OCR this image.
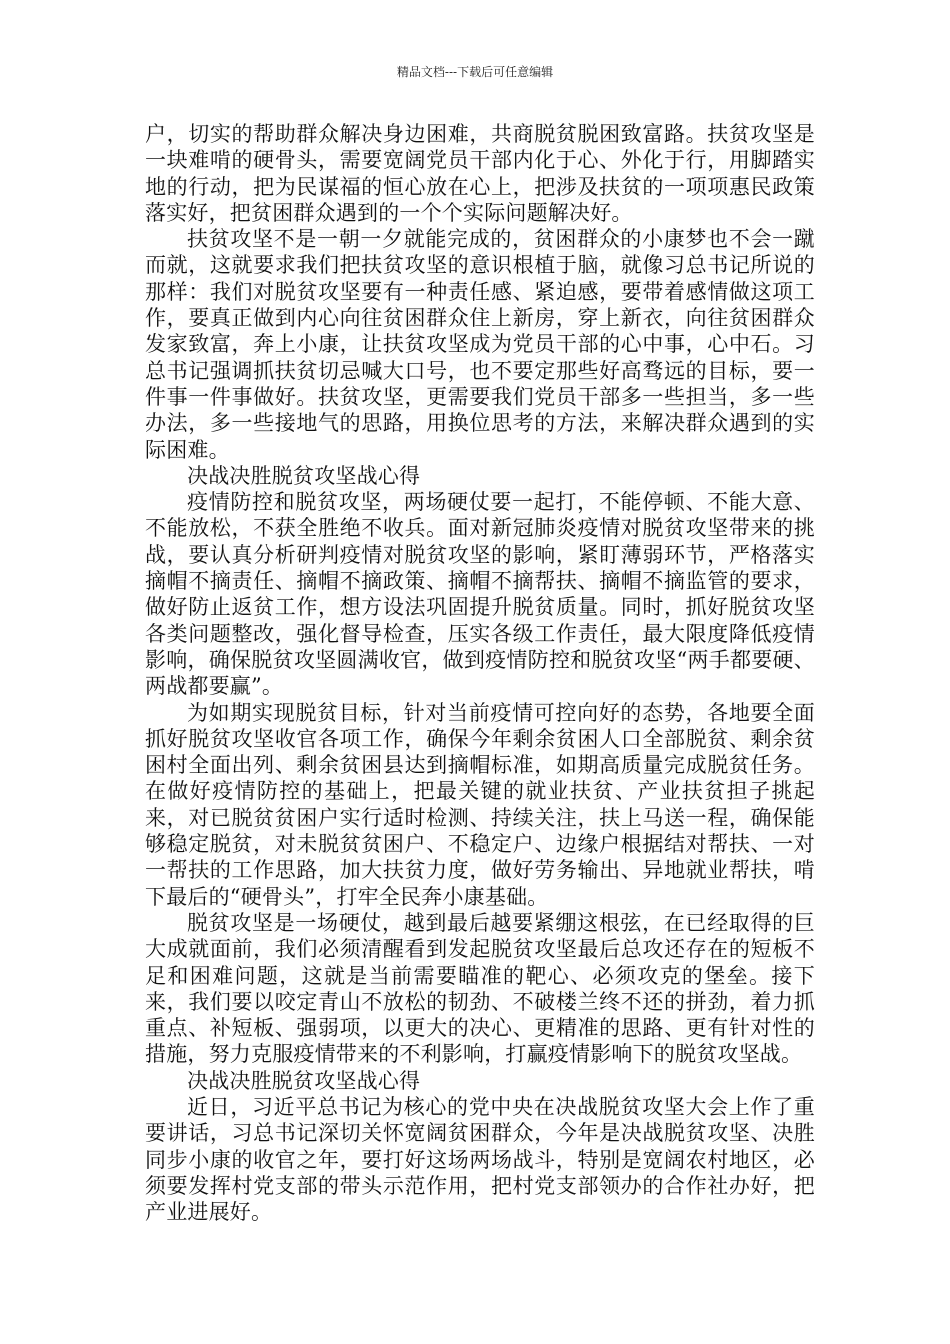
精品文档---下载后可任意编辑

户，切实的帮助群众解决身边困难，共商脱贫脱困致富路。扶贫攻坚是一块难啃的硬骨头，需要宽阔党员干部内化于心、外化于行，用脚踏实地的行动，把为民谋福的恒心放在心上，把涉及扶贫的一项项惠民政策落实好，把贫困群众遇到的一个个实际问题解决好。

扶贫攻坚不是一朝一夕就能完成的，贫困群众的小康梦也不会一蹴而就，这就要求我们把扶贫攻坚的意识根植于脑，就像习总书记所说的那样：我们对脱贫攻坚要有一种责任感、紧迫感，要带着感情做这项工作，要真正做到内心向往贫困群众住上新房，穿上新衣，向往贫困群众发家致富，奔上小康，让扶贫攻坚成为党员干部的心中事，心中石。习总书记强调抓扶贫切忌喊大口号，也不要定那些好高骛远的目标，要一件事一件事做好。扶贫攻坚，更需要我们党员干部多一些担当，多一些办法，多一些接地气的思路，用换位思考的方法，来解决群众遇到的实际困难。

决战决胜脱贫攻坚战心得

疫情防控和脱贫攻坚，两场硬仗要一起打，不能停顿、不能大意、不能放松，不获全胜绝不收兵。面对新冠肺炎疫情对脱贫攻坚带来的挑战，要认真分析研判疫情对脱贫攻坚的影响，紧盯薄弱环节，严格落实摘帽不摘责任、摘帽不摘政策、摘帽不摘帮扶、摘帽不摘监管的要求，做好防止返贫工作，想方设法巩固提升脱贫质量。同时，抓好脱贫攻坚各类问题整改，强化督导检查，压实各级工作责任，最大限度降低疫情影响，确保脱贫攻坚圆满收官，做到疫情防控和脱贫攻坚“两手都要硬、两战都要赢”。

为如期实现脱贫目标，针对当前疫情可控向好的态势，各地要全面抓好脱贫攻坚收官各项工作，确保今年剩余贫困人口全部脱贫、剩余贫困村全面出列、剩余贫困县达到摘帽标准，如期高质量完成脱贫任务。在做好疫情防控的基础上，把最关键的就业扶贫、产业扶贫担子挑起来，对已脱贫贫困户实行适时检测、持续关注，扶上马送一程，确保能够稳定脱贫，对未脱贫贫困户、不稳定户、边缘户根据结对帮扶、一对一帮扶的工作思路，加大扶贫力度，做好劳务输出、异地就业帮扶，啃下最后的“硬骨头”，打牢全民奔小康基础。

脱贫攻坚是一场硬仗，越到最后越要紧绷这根弦，在已经取得的巨大成就面前，我们必须清醒看到发起脱贫攻坚最后总攻还存在的短板不足和困难问题，这就是当前需要瞄准的靶心、必须攻克的堡垒。接下来，我们要以咬定青山不放松的韧劲、不破楼兰终不还的拼劲，着力抓重点、补短板、强弱项，以更大的决心、更精准的思路、更有针对性的措施，努力克服疫情带来的不利影响，打赢疫情影响下的脱贫攻坚战。

决战决胜脱贫攻坚战心得

近日，习近平总书记为核心的党中央在决战脱贫攻坚大会上作了重要讲话，习总书记深切关怀宽阔贫困群众，今年是决战脱贫攻坚、决胜同步小康的收官之年，要打好这场两场战斗，特别是宽阔农村地区，必须要发挥村党支部的带头示范作用，把村党支部领办的合作社办好，把产业进展好。
